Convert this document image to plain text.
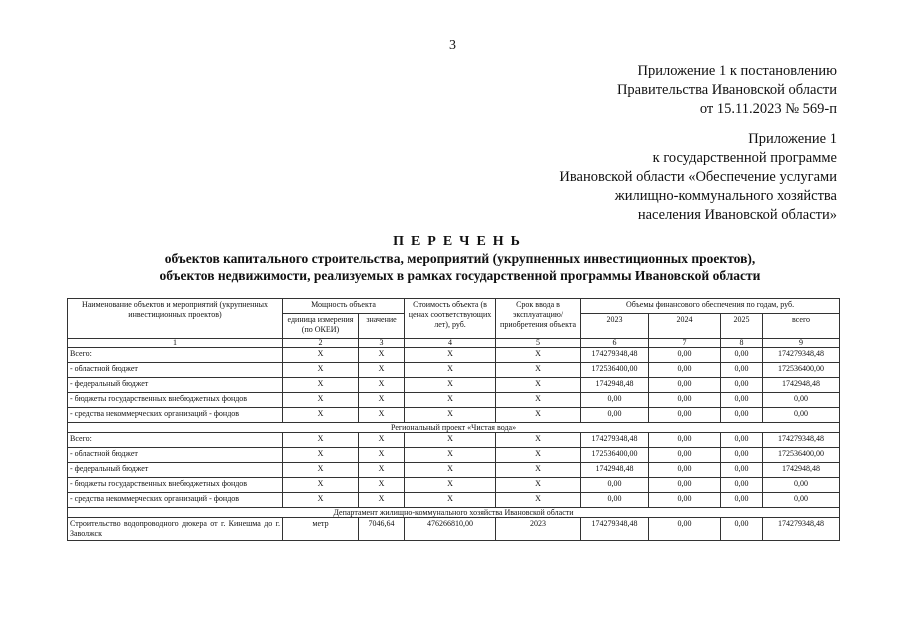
3
Приложение 1 к постановлению
Правительства Ивановской области
от 15.11.2023 № 569-п
Приложение 1
к государственной программе
Ивановской области «Обеспечение услугами
жилищно-коммунального хозяйства
населения Ивановской области»
ПЕРЕЧЕНЬ
объектов капитального строительства, мероприятий (укрупненных инвестиционных проектов),
объектов недвижимости, реализуемых в рамках государственной программы Ивановской области
Наименование объектов и мероприятий (укрупненных инвестиционных проектов)	Мощность объекта		Стоимость объекта (в ценах соответствующих лет), руб.	Срок ввода в эксплуатацию/ приобретения объекта	Объемы финансового обеспечения по годам, руб.			
	единица измерения (по ОКЕИ)	значение			2023	2024	2025	всего
1	2	3	4	5	6	7	8	9
Всего:	X	X	X	X	174279348,48	0,00	0,00	174279348,48
- областной бюджет	X	X	X	X	172536400,00	0,00	0,00	172536400,00
- федеральный бюджет	X	X	X	X	1742948,48	0,00	0,00	1742948,48
- бюджеты государственных внебюджетных фондов	X	X	X	X	0,00	0,00	0,00	0,00
- средства некоммерческих организаций - фондов	X	X	X	X	0,00	0,00	0,00	0,00
Региональный проект «Чистая вода»								
Всего:	X	X	X	X	174279348,48	0,00	0,00	174279348,48
- областной бюджет	X	X	X	X	172536400,00	0,00	0,00	172536400,00
- федеральный бюджет	X	X	X	X	1742948,48	0,00	0,00	1742948,48
- бюджеты государственных внебюджетных фондов	X	X	X	X	0,00	0,00	0,00	0,00
- средства некоммерческих организаций - фондов	X	X	X	X	0,00	0,00	0,00	0,00
Департамент жилищно-коммунального хозяйства Ивановской области								
Строительство водопроводного дюкера от г. Кинешма до г. Заволжск	метр	7046,64	476266810,00	2023	174279348,48	0,00	0,00	174279348,48
